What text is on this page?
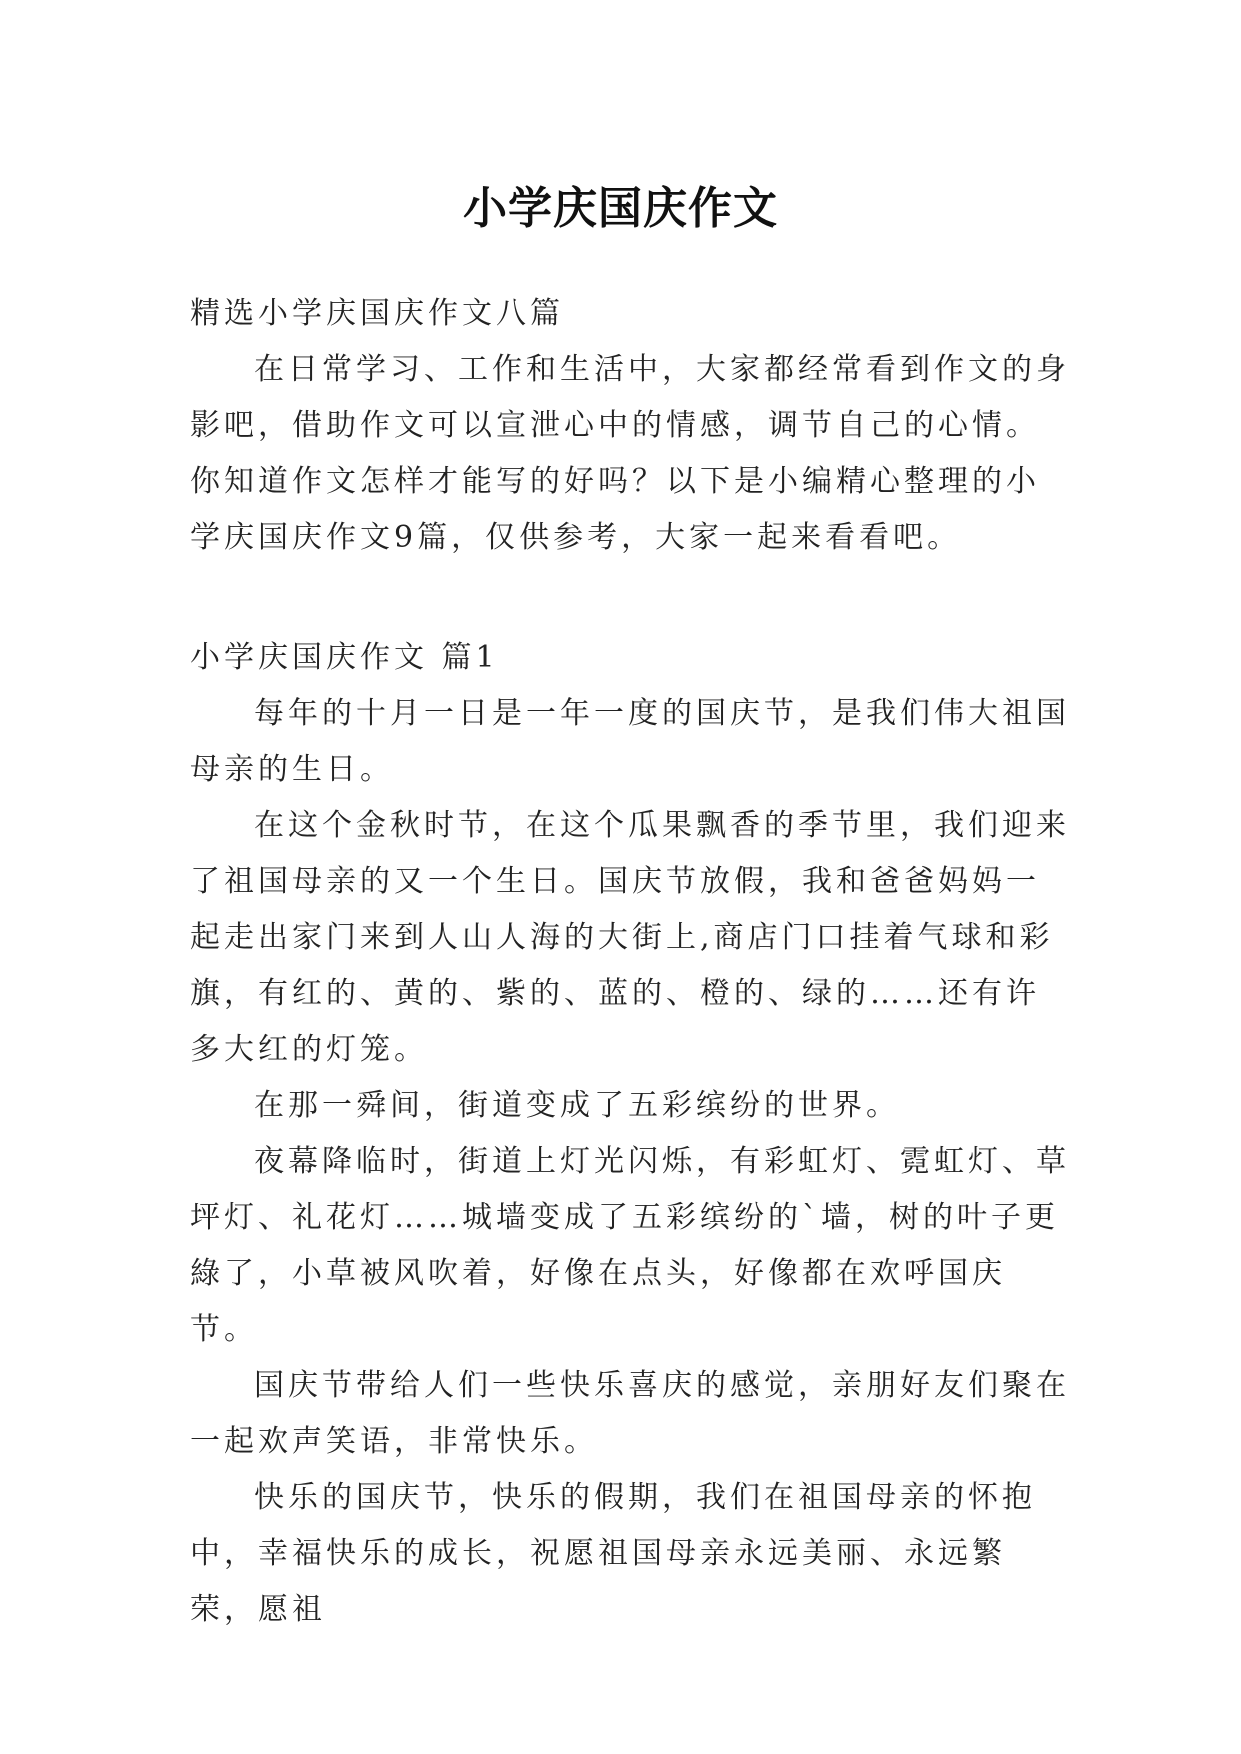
小学庆国庆作文

精选小学庆国庆作文八篇

在日常学习、工作和生活中，大家都经常看到作文的身影吧，借助作文可以宣泄心中的情感，调节自己的心情。你知道作文怎样才能写的好吗？以下是小编精心整理的小学庆国庆作文9篇，仅供参考，大家一起来看看吧。

小学庆国庆作文 篇1

每年的十月一日是一年一度的国庆节，是我们伟大祖国母亲的生日。

在这个金秋时节，在这个瓜果飘香的季节里，我们迎来了祖国母亲的又一个生日。国庆节放假，我和爸爸妈妈一起走出家门来到人山人海的大街上,商店门口挂着气球和彩旗，有红的、黄的、紫的、蓝的、橙的、绿的……还有许多大红的灯笼。

在那一舜间，街道变成了五彩缤纷的世界。

夜幕降临时，街道上灯光闪烁，有彩虹灯、霓虹灯、草坪灯、礼花灯……城墙变成了五彩缤纷的`墙，树的叶子更綠了，小草被风吹着，好像在点头，好像都在欢呼国庆节。

国庆节带给人们一些快乐喜庆的感觉，亲朋好友们聚在一起欢声笑语，非常快乐。

快乐的国庆节，快乐的假期，我们在祖国母亲的怀抱中，幸福快乐的成长，祝愿祖国母亲永远美丽、永远繁荣，愿祖
